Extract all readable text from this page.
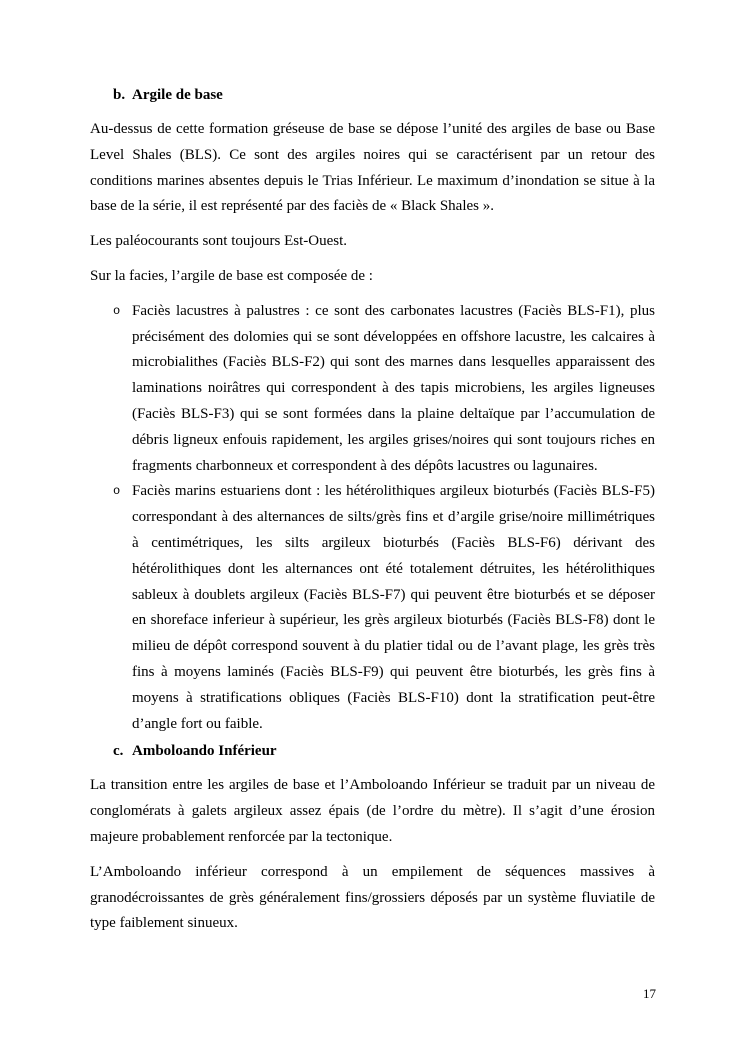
b. Argile de base

Au-dessus de cette formation gréseuse de base se dépose l’unité des argiles de base ou Base Level Shales (BLS). Ce sont des argiles noires qui se caractérisent par un retour des conditions marines absentes depuis le Trias Inférieur. Le maximum d’inondation se situe à la base de la série, il est représenté par des faciès de « Black Shales ».

Les paléocourants sont toujours Est-Ouest.

Sur la facies, l’argile de base est composée de :

o Faciès lacustres à palustres : ce sont des carbonates lacustres (Faciès BLS-F1), plus précisément des dolomies qui se sont développées en offshore lacustre, les calcaires à microbialithes (Faciès BLS-F2) qui sont des marnes dans lesquelles apparaissent des laminations noirâtres qui correspondent à des tapis microbiens, les argiles ligneuses (Faciès BLS-F3) qui se sont formées dans la plaine deltaïque par l’accumulation de débris ligneux enfouis rapidement, les argiles grises/noires qui sont toujours riches en fragments charbonneux et correspondent à des dépôts lacustres ou lagunaires.
o Faciès marins estuariens dont : les hétérolithiques argileux bioturbés (Faciès BLS-F5) correspondant à des alternances de silts/grès fins et d’argile grise/noire millimétriques à centimétriques, les silts argileux bioturbés (Faciès BLS-F6) dérivant des hétérolithiques dont les alternances ont été totalement détruites, les hétérolithiques sableux à doublets argileux (Faciès BLS-F7) qui peuvent être bioturbés et se déposer en shoreface inferieur à supérieur, les grès argileux bioturbés (Faciès BLS-F8) dont le milieu de dépôt correspond souvent à du platier tidal ou de l’avant plage, les grès très fins à moyens laminés (Faciès BLS-F9) qui peuvent être bioturbés, les grès fins à moyens à stratifications obliques (Faciès BLS-F10) dont la stratification peut-être d’angle fort ou faible.
c. Amboloando Inférieur

La transition entre les argiles de base et l’Amboloando Inférieur se traduit par un niveau de conglomérats à galets argileux assez épais (de l’ordre du mètre). Il s’agit d’une érosion majeure probablement renforcée par la tectonique.

L’Amboloando inférieur correspond à un empilement de séquences massives à granodécroissantes de grès généralement fins/grossiers déposés par un système fluviatile de type faiblement sinueux.

17
